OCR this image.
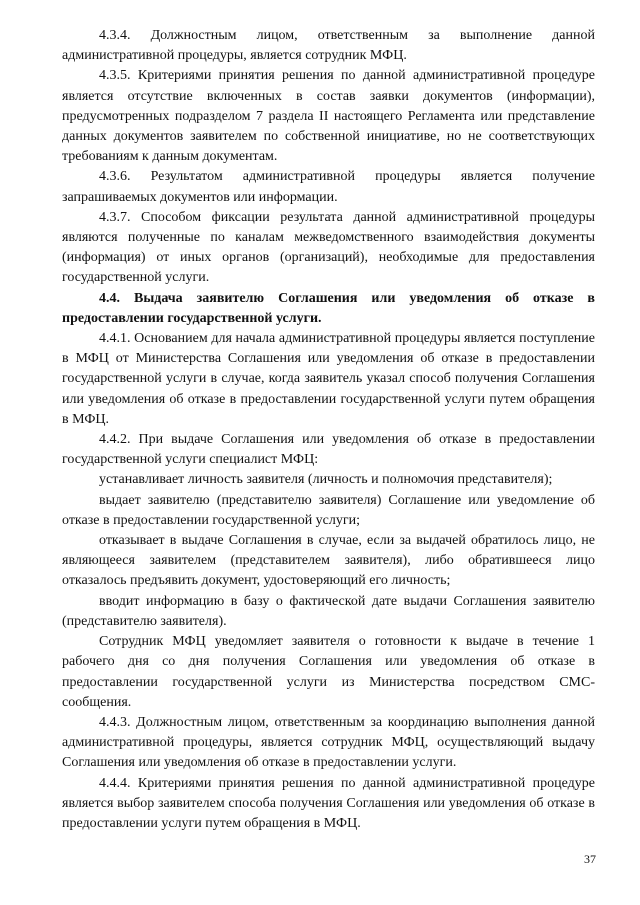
4.3.4. Должностным лицом, ответственным за выполнение данной административной процедуры, является сотрудник МФЦ.

4.3.5. Критериями принятия решения по данной административной процедуре является отсутствие включенных в состав заявки документов (информации), предусмотренных подразделом 7 раздела II настоящего Регламента или представление данных документов заявителем по собственной инициативе, но не соответствующих требованиям к данным документам.

4.3.6. Результатом административной процедуры является получение запрашиваемых документов или информации.

4.3.7. Способом фиксации результата данной административной процедуры являются полученные по каналам межведомственного взаимодействия документы (информация) от иных органов (организаций), необходимые для предоставления государственной услуги.

4.4. Выдача заявителю Соглашения или уведомления об отказе в предоставлении государственной услуги.

4.4.1. Основанием для начала административной процедуры является поступление в МФЦ от Министерства Соглашения или уведомления об отказе в предоставлении государственной услуги в случае, когда заявитель указал способ получения Соглашения или уведомления об отказе в предоставлении государственной услуги путем обращения в МФЦ.

4.4.2. При выдаче Соглашения или уведомления об отказе в предоставлении государственной услуги специалист МФЦ:

устанавливает личность заявителя (личность и полномочия представителя);

выдает заявителю (представителю заявителя) Соглашение или уведомление об отказе в предоставлении государственной услуги;

отказывает в выдаче Соглашения в случае, если за выдачей обратилось лицо, не являющееся заявителем (представителем заявителя), либо обратившееся лицо отказалось предъявить документ, удостоверяющий его личность;

вводит информацию в базу о фактической дате выдачи Соглашения заявителю (представителю заявителя).

Сотрудник МФЦ уведомляет заявителя о готовности к выдаче в течение 1 рабочего дня со дня получения Соглашения или уведомления об отказе в предоставлении государственной услуги из Министерства посредством СМС-сообщения.

4.4.3. Должностным лицом, ответственным за координацию выполнения данной административной процедуры, является сотрудник МФЦ, осуществляющий выдачу Соглашения или уведомления об отказе в предоставлении услуги.

4.4.4. Критериями принятия решения по данной административной процедуре является выбор заявителем способа получения Соглашения или уведомления об отказе в предоставлении услуги путем обращения в МФЦ.

37
